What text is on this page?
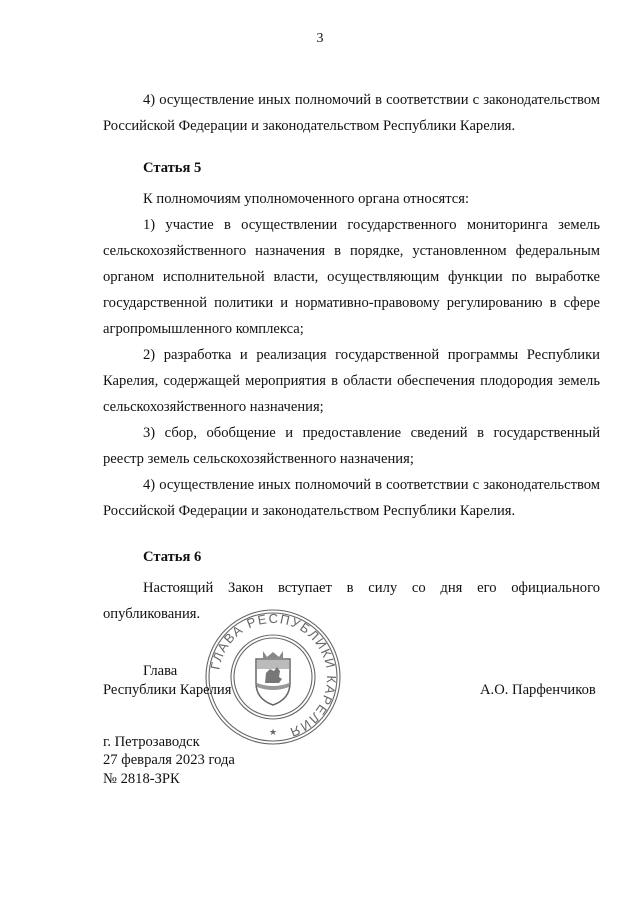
3

4) осуществление иных полномочий в соответствии с законодательством Российской Федерации и законодательством Республики Карелия.

Статья 5

К полномочиям уполномоченного органа относятся:

1) участие в осуществлении государственного мониторинга земель сельскохозяйственного назначения в порядке, установленном федеральным органом исполнительной власти, осуществляющим функции по выработке государственной политики и нормативно-правовому регулированию в сфере агропромышленного комплекса;

2) разработка и реализация государственной программы Республики Карелия, содержащей мероприятия в области обеспечения плодородия земель сельскохозяйственного назначения;

3) сбор, обобщение и предоставление сведений в государственный реестр земель сельскохозяйственного назначения;

4) осуществление иных полномочий в соответствии с законодательством Российской Федерации и законодательством Республики Карелия.

Статья 6

Настоящий Закон вступает в силу со дня его официального опубликования.

ГЛАВА РЕСПУБЛИКИ КАРЕЛИЯ
★
Глава
Республики Карелия	А.О. Парфенчиков
г. Петрозаводск
27 февраля 2023 года
№ 2818-ЗРК
